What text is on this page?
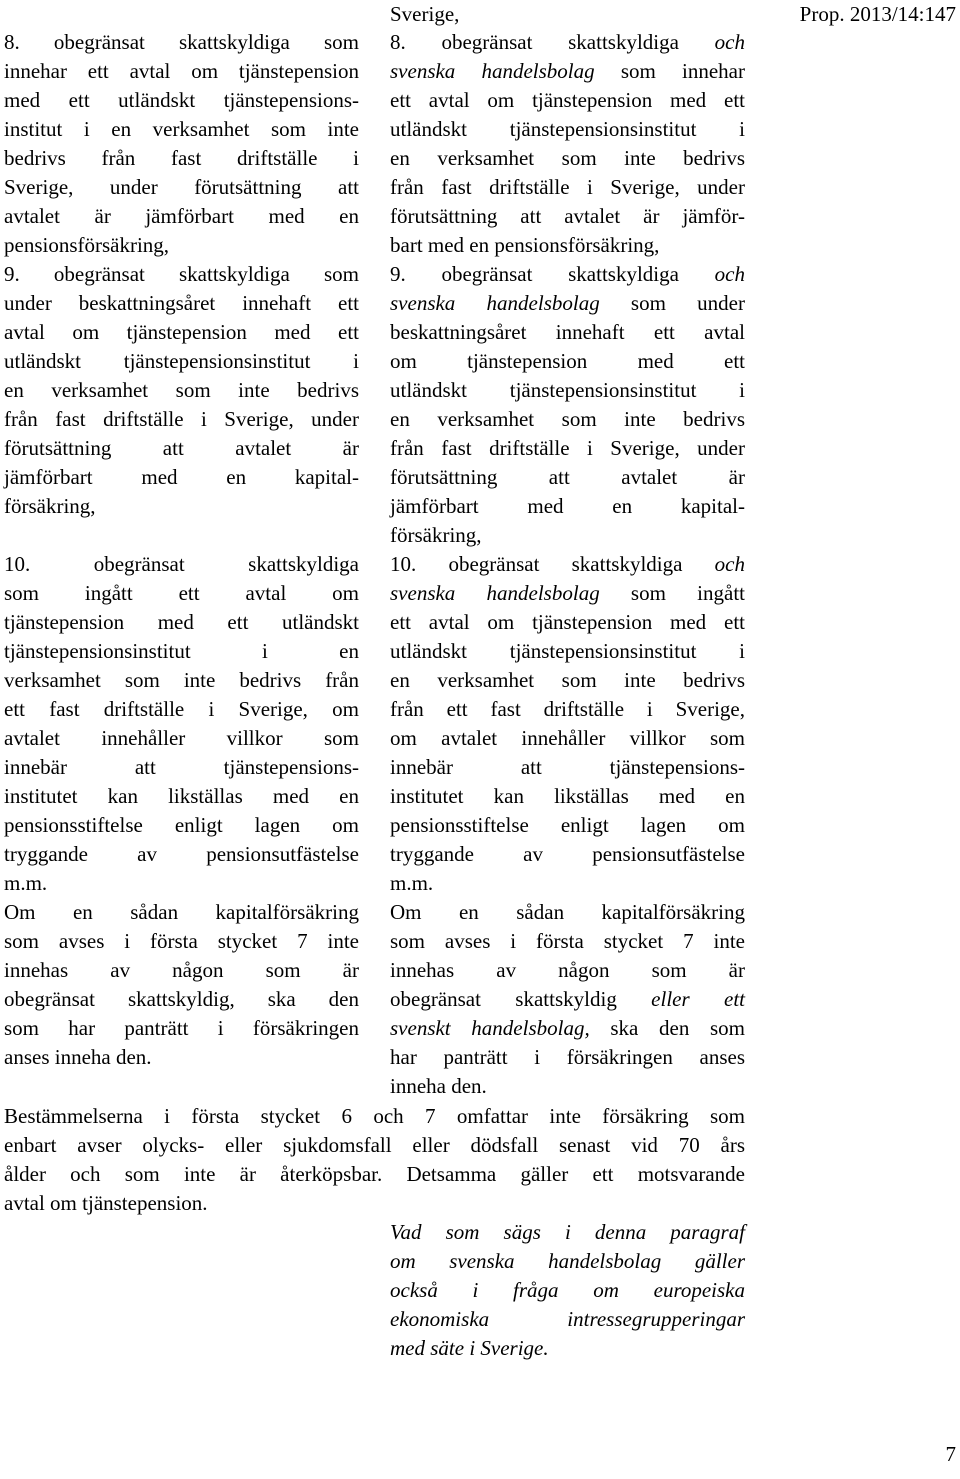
Prop. 2013/14:147
Sverige,
8. obegränsat skattskyldiga som
innehar ett avtal om tjänstepension
med ett utländskt tjänstepensions-
institut i en verksamhet som inte
bedrivs från fast driftställe i
Sverige, under förutsättning att
avtalet är jämförbart med en
pensionsförsäkring,
9. obegränsat skattskyldiga som
under beskattningsåret innehaft ett
avtal om tjänstepension med ett
utländskt tjänstepensionsinstitut i
en verksamhet som inte bedrivs
från fast driftställe i Sverige, under
förutsättning att avtalet är
jämförbart med en kapital-
försäkring,
10. obegränsat skattskyldiga
som ingått ett avtal om
tjänstepension med ett utländskt
tjänstepensionsinstitut i en
verksamhet som inte bedrivs från
ett fast driftställe i Sverige, om
avtalet innehåller villkor som
innebär att tjänstepensions-
institutet kan likställas med en
pensionsstiftelse enligt lagen om
tryggande av pensionsutfästelse
m.m.
Om en sådan kapitalförsäkring
som avses i första stycket 7 inte
innehas av någon som är
obegränsat skattskyldig, ska den
som har panträtt i försäkringen
anses inneha den.
8. obegränsat skattskyldiga och
svenska handelsbolag som innehar
ett avtal om tjänstepension med ett
utländskt tjänstepensionsinstitut i
en verksamhet som inte bedrivs
från fast driftställe i Sverige, under
förutsättning att avtalet är jämför-
bart med en pensionsförsäkring,
9. obegränsat skattskyldiga och
svenska handelsbolag som under
beskattningsåret innehaft ett avtal
om tjänstepension med ett
utländskt tjänstepensionsinstitut i
en verksamhet som inte bedrivs
från fast driftställe i Sverige, under
förutsättning att avtalet är
jämförbart med en kapital-
försäkring,
10. obegränsat skattskyldiga och
svenska handelsbolag som ingått
ett avtal om tjänstepension med ett
utländskt tjänstepensionsinstitut i
en verksamhet som inte bedrivs
från ett fast driftställe i Sverige,
om avtalet innehåller villkor som
innebär att tjänstepensions-
institutet kan likställas med en
pensionsstiftelse enligt lagen om
tryggande av pensionsutfästelse
m.m.
Om en sådan kapitalförsäkring
som avses i första stycket 7 inte
innehas av någon som är
obegränsat skattskyldig eller ett
svenskt handelsbolag, ska den som
har panträtt i försäkringen anses
inneha den.
Bestämmelserna i första stycket 6 och 7 omfattar inte försäkring som
enbart avser olycks- eller sjukdomsfall eller dödsfall senast vid 70 års
ålder och som inte är återköpsbar. Detsamma gäller ett motsvarande
avtal om tjänstepension.
Vad som sägs i denna paragraf
om svenska handelsbolag gäller
också i fråga om europeiska
ekonomiska intressegrupperingar
med säte i Sverige.
7
